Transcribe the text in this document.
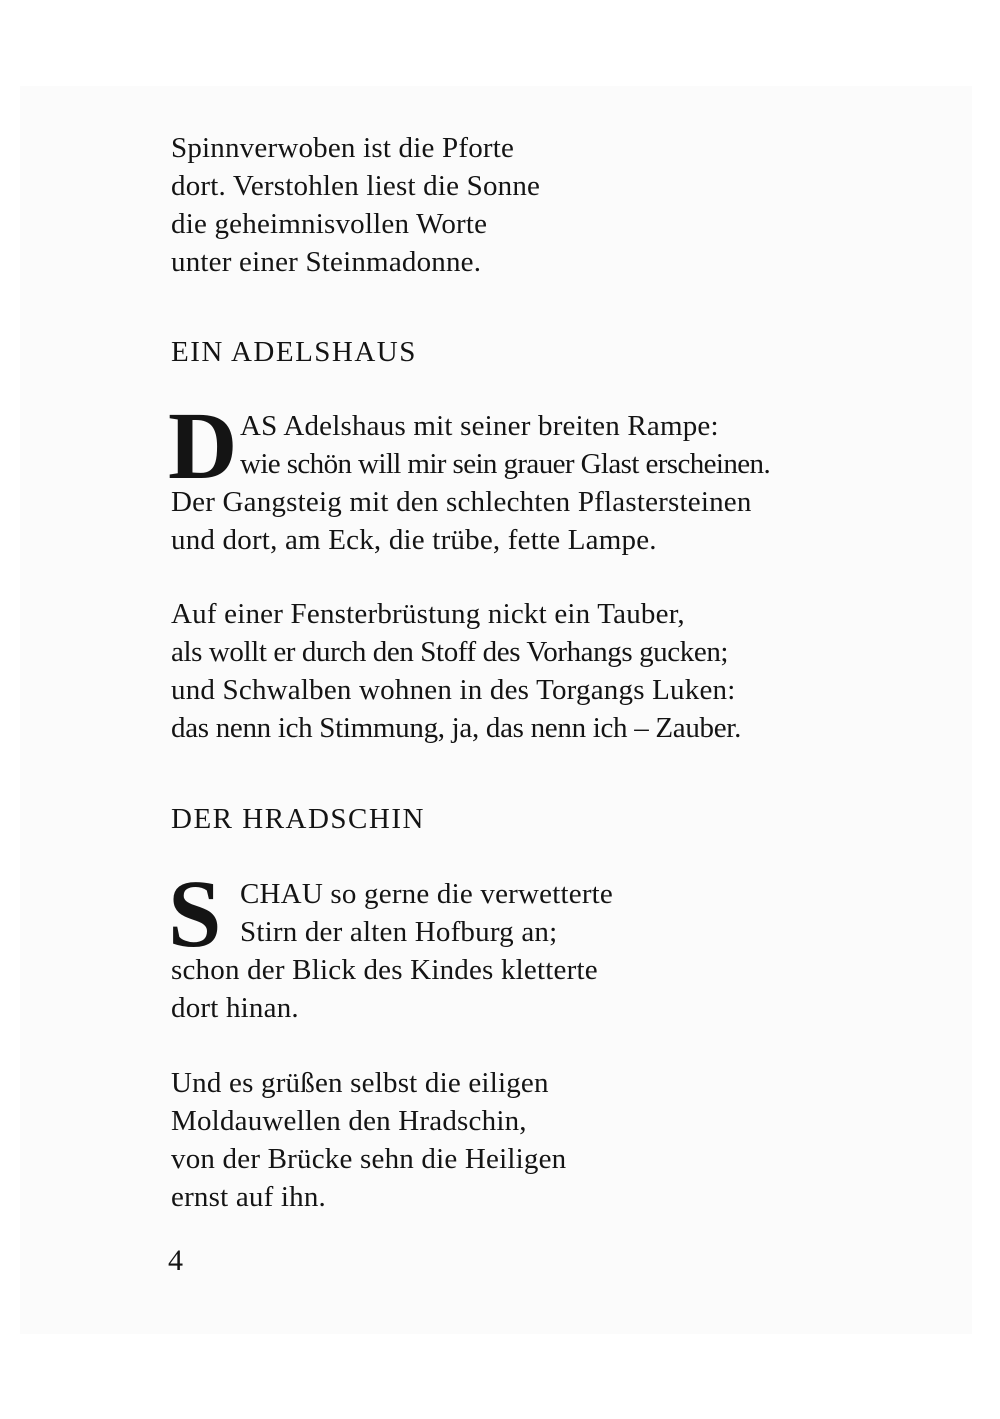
Spinnverwoben ist die Pforte

dort. Verstohlen liest die Sonne

die geheimnisvollen Worte

unter einer Steinmadonne.

EIN ADELSHAUS
D AS Adelshaus mit seiner breiten Rampe:

wie schön will mir sein grauer Glast erscheinen.

Der Gangsteig mit den schlechten Pflastersteinen

und dort, am Eck, die trübe, fette Lampe.

Auf einer Fensterbrüstung nickt ein Tauber,

als wollt er durch den Stoff des Vorhangs gucken;

und Schwalben wohnen in des Torgangs Luken:

das nenn ich Stimmung, ja, das nenn ich – Zauber.

DER HRADSCHIN
S CHAU so gerne die verwetterte

Stirn der alten Hofburg an;

schon der Blick des Kindes kletterte

dort hinan.

Und es grüßen selbst die eiligen

Moldauwellen den Hradschin,

von der Brücke sehn die Heiligen

ernst auf ihn.

4
